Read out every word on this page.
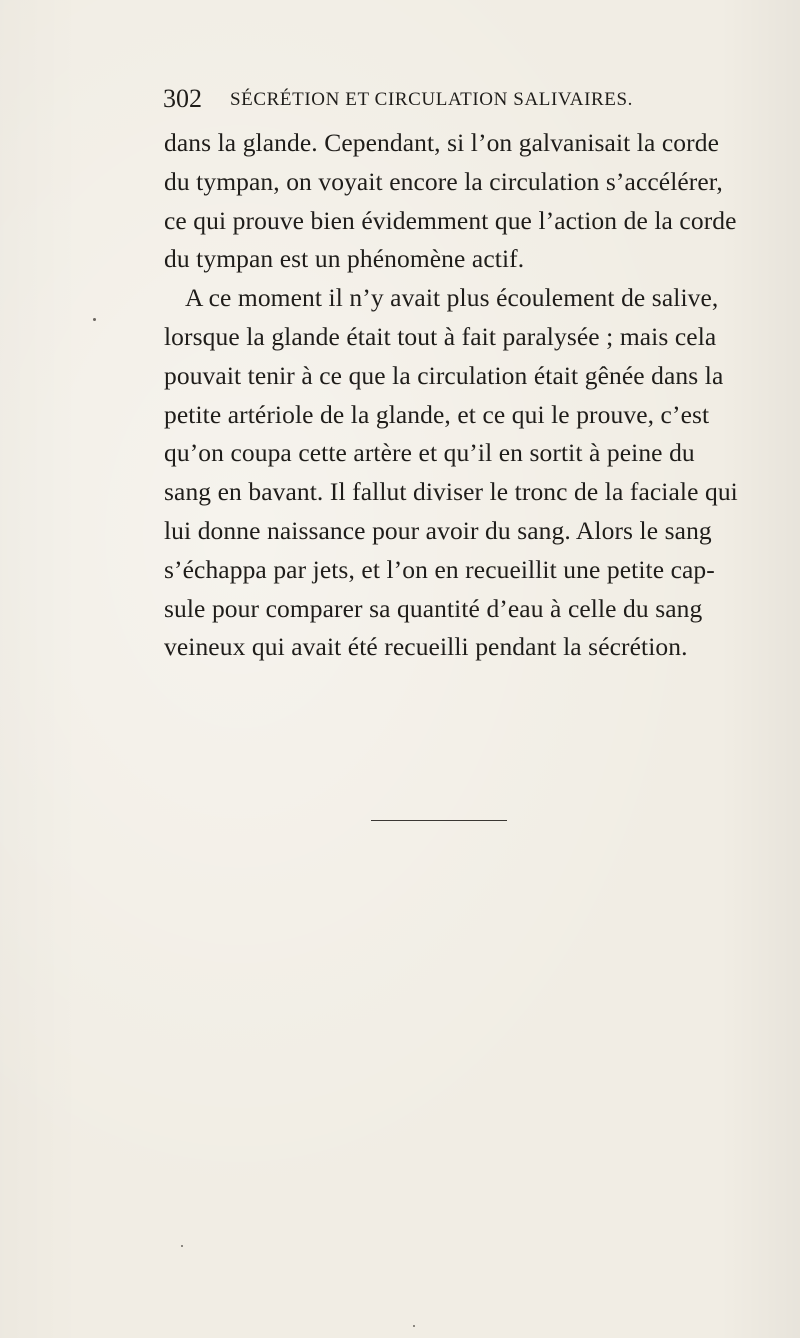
302 SÉCRÉTION ET CIRCULATION SALIVAIRES.
dans la glande. Cependant, si l’on galvanisait la corde
du tympan, on voyait encore la circulation s’accélérer,
ce qui prouve bien évidemment que l’action de la corde
du tympan est un phénomène actif.
A ce moment il n’y avait plus écoulement de salive,
lorsque la glande était tout à fait paralysée ; mais cela
pouvait tenir à ce que la circulation était gênée dans la
petite artériole de la glande, et ce qui le prouve, c’est
qu’on coupa cette artère et qu’il en sortit à peine du
sang en bavant. Il fallut diviser le tronc de la faciale qui
lui donne naissance pour avoir du sang. Alors le sang
s’échappa par jets, et l’on en recueillit une petite cap-
sule pour comparer sa quantité d’eau à celle du sang
veineux qui avait été recueilli pendant la sécrétion.
